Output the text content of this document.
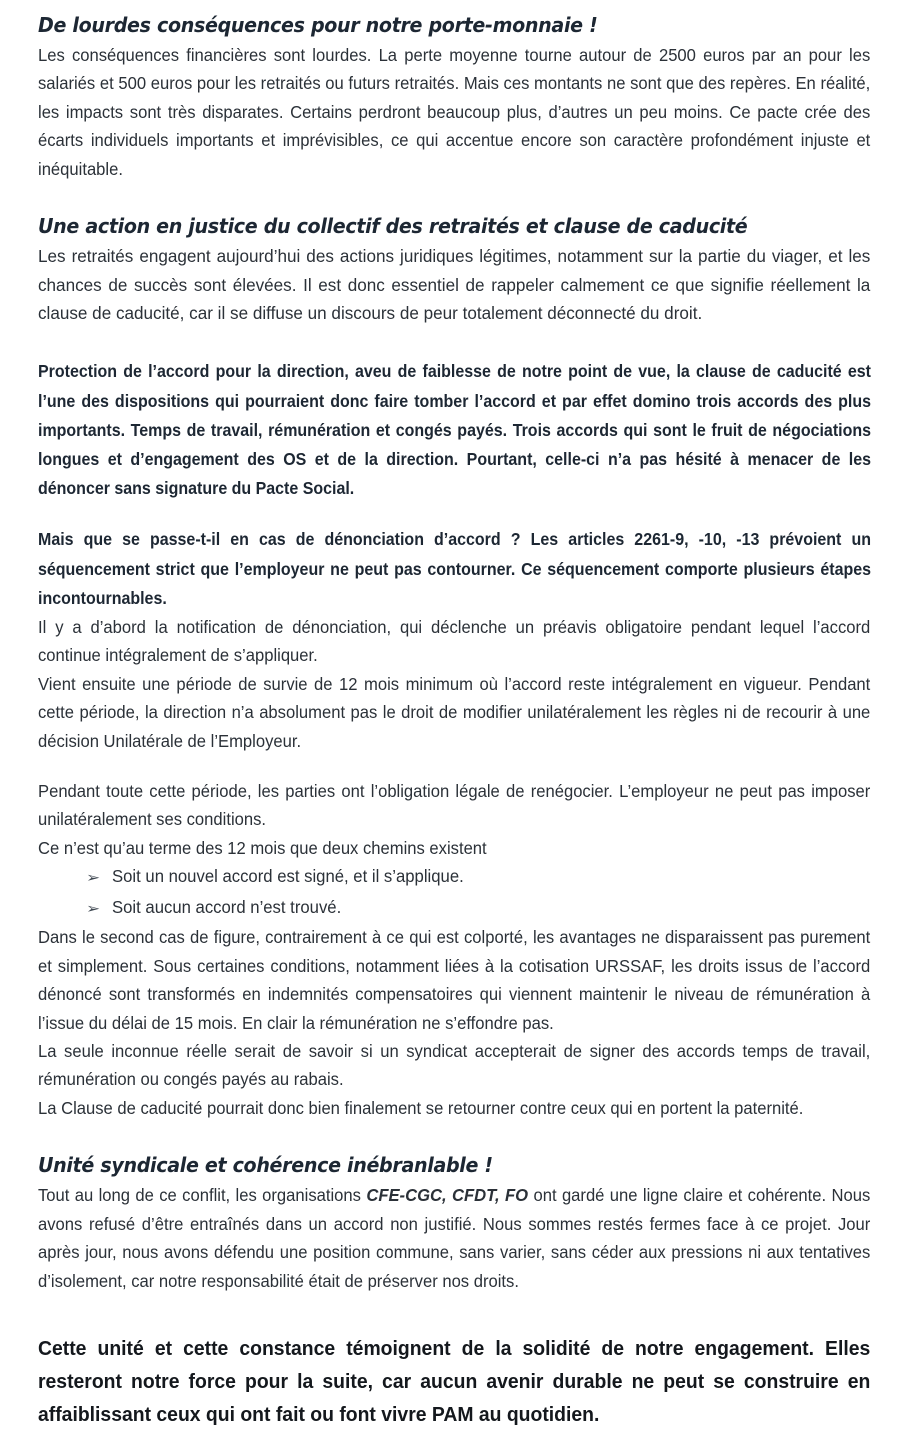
De lourdes conséquences pour notre porte-monnaie !

Les conséquences financières sont lourdes. La perte moyenne tourne autour de 2500 euros par an pour les salariés et 500 euros pour les retraités ou futurs retraités. Mais ces montants ne sont que des repères. En réalité, les impacts sont très disparates. Certains perdront beaucoup plus, d’autres un peu moins. Ce pacte crée des écarts individuels importants et imprévisibles, ce qui accentue encore son caractère profondément injuste et inéquitable.

Une action en justice du collectif des retraités et clause de caducité

Les retraités engagent aujourd’hui des actions juridiques légitimes, notamment sur la partie du viager, et les chances de succès sont élevées. Il est donc essentiel de rappeler calmement ce que signifie réellement la clause de caducité, car il se diffuse un discours de peur totalement déconnecté du droit.

Protection de l’accord pour la direction, aveu de faiblesse de notre point de vue, la clause de caducité est l’une des dispositions qui pourraient donc faire tomber l’accord et par effet domino trois accords des plus importants. Temps de travail, rémunération et congés payés. Trois accords qui sont le fruit de négociations longues et d’engagement des OS et de la direction. Pourtant, celle-ci n’a pas hésité à menacer de les dénoncer sans signature du Pacte Social.

Mais que se passe-t-il en cas de dénonciation d’accord ? Les articles 2261-9, -10, -13 prévoient un séquencement strict que l’employeur ne peut pas contourner. Ce séquencement comporte plusieurs étapes incontournables.

Il y a d’abord la notification de dénonciation, qui déclenche un préavis obligatoire pendant lequel l’accord continue intégralement de s’appliquer.

Vient ensuite une période de survie de 12 mois minimum où l’accord reste intégralement en vigueur. Pendant cette période, la direction n’a absolument pas le droit de modifier unilatéralement les règles ni de recourir à une décision Unilatérale de l’Employeur.

Pendant toute cette période, les parties ont l’obligation légale de renégocier. L’employeur ne peut pas imposer unilatéralement ses conditions.

Ce n’est qu’au terme des 12 mois que deux chemins existent

➢ Soit un nouvel accord est signé, et il s’applique.
➢ Soit aucun accord n’est trouvé.

Dans le second cas de figure, contrairement à ce qui est colporté, les avantages ne disparaissent pas purement et simplement. Sous certaines conditions, notamment liées à la cotisation URSSAF, les droits issus de l’accord dénoncé sont transformés en indemnités compensatoires qui viennent maintenir le niveau de rémunération à l’issue du délai de 15 mois. En clair la rémunération ne s’effondre pas.

La seule inconnue réelle serait de savoir si un syndicat accepterait de signer des accords temps de travail, rémunération ou congés payés au rabais.

La Clause de caducité pourrait donc bien finalement se retourner contre ceux qui en portent la paternité.

Unité syndicale et cohérence inébranlable !

Tout au long de ce conflit, les organisations CFE-CGC, CFDT, FO ont gardé une ligne claire et cohérente. Nous avons refusé d’être entraînés dans un accord non justifié. Nous sommes restés fermes face à ce projet. Jour après jour, nous avons défendu une position commune, sans varier, sans céder aux pressions ni aux tentatives d’isolement, car notre responsabilité était de préserver nos droits.

Cette unité et cette constance témoignent de la solidité de notre engagement. Elles resteront notre force pour la suite, car aucun avenir durable ne peut se construire en affaiblissant ceux qui ont fait ou font vivre PAM au quotidien.
